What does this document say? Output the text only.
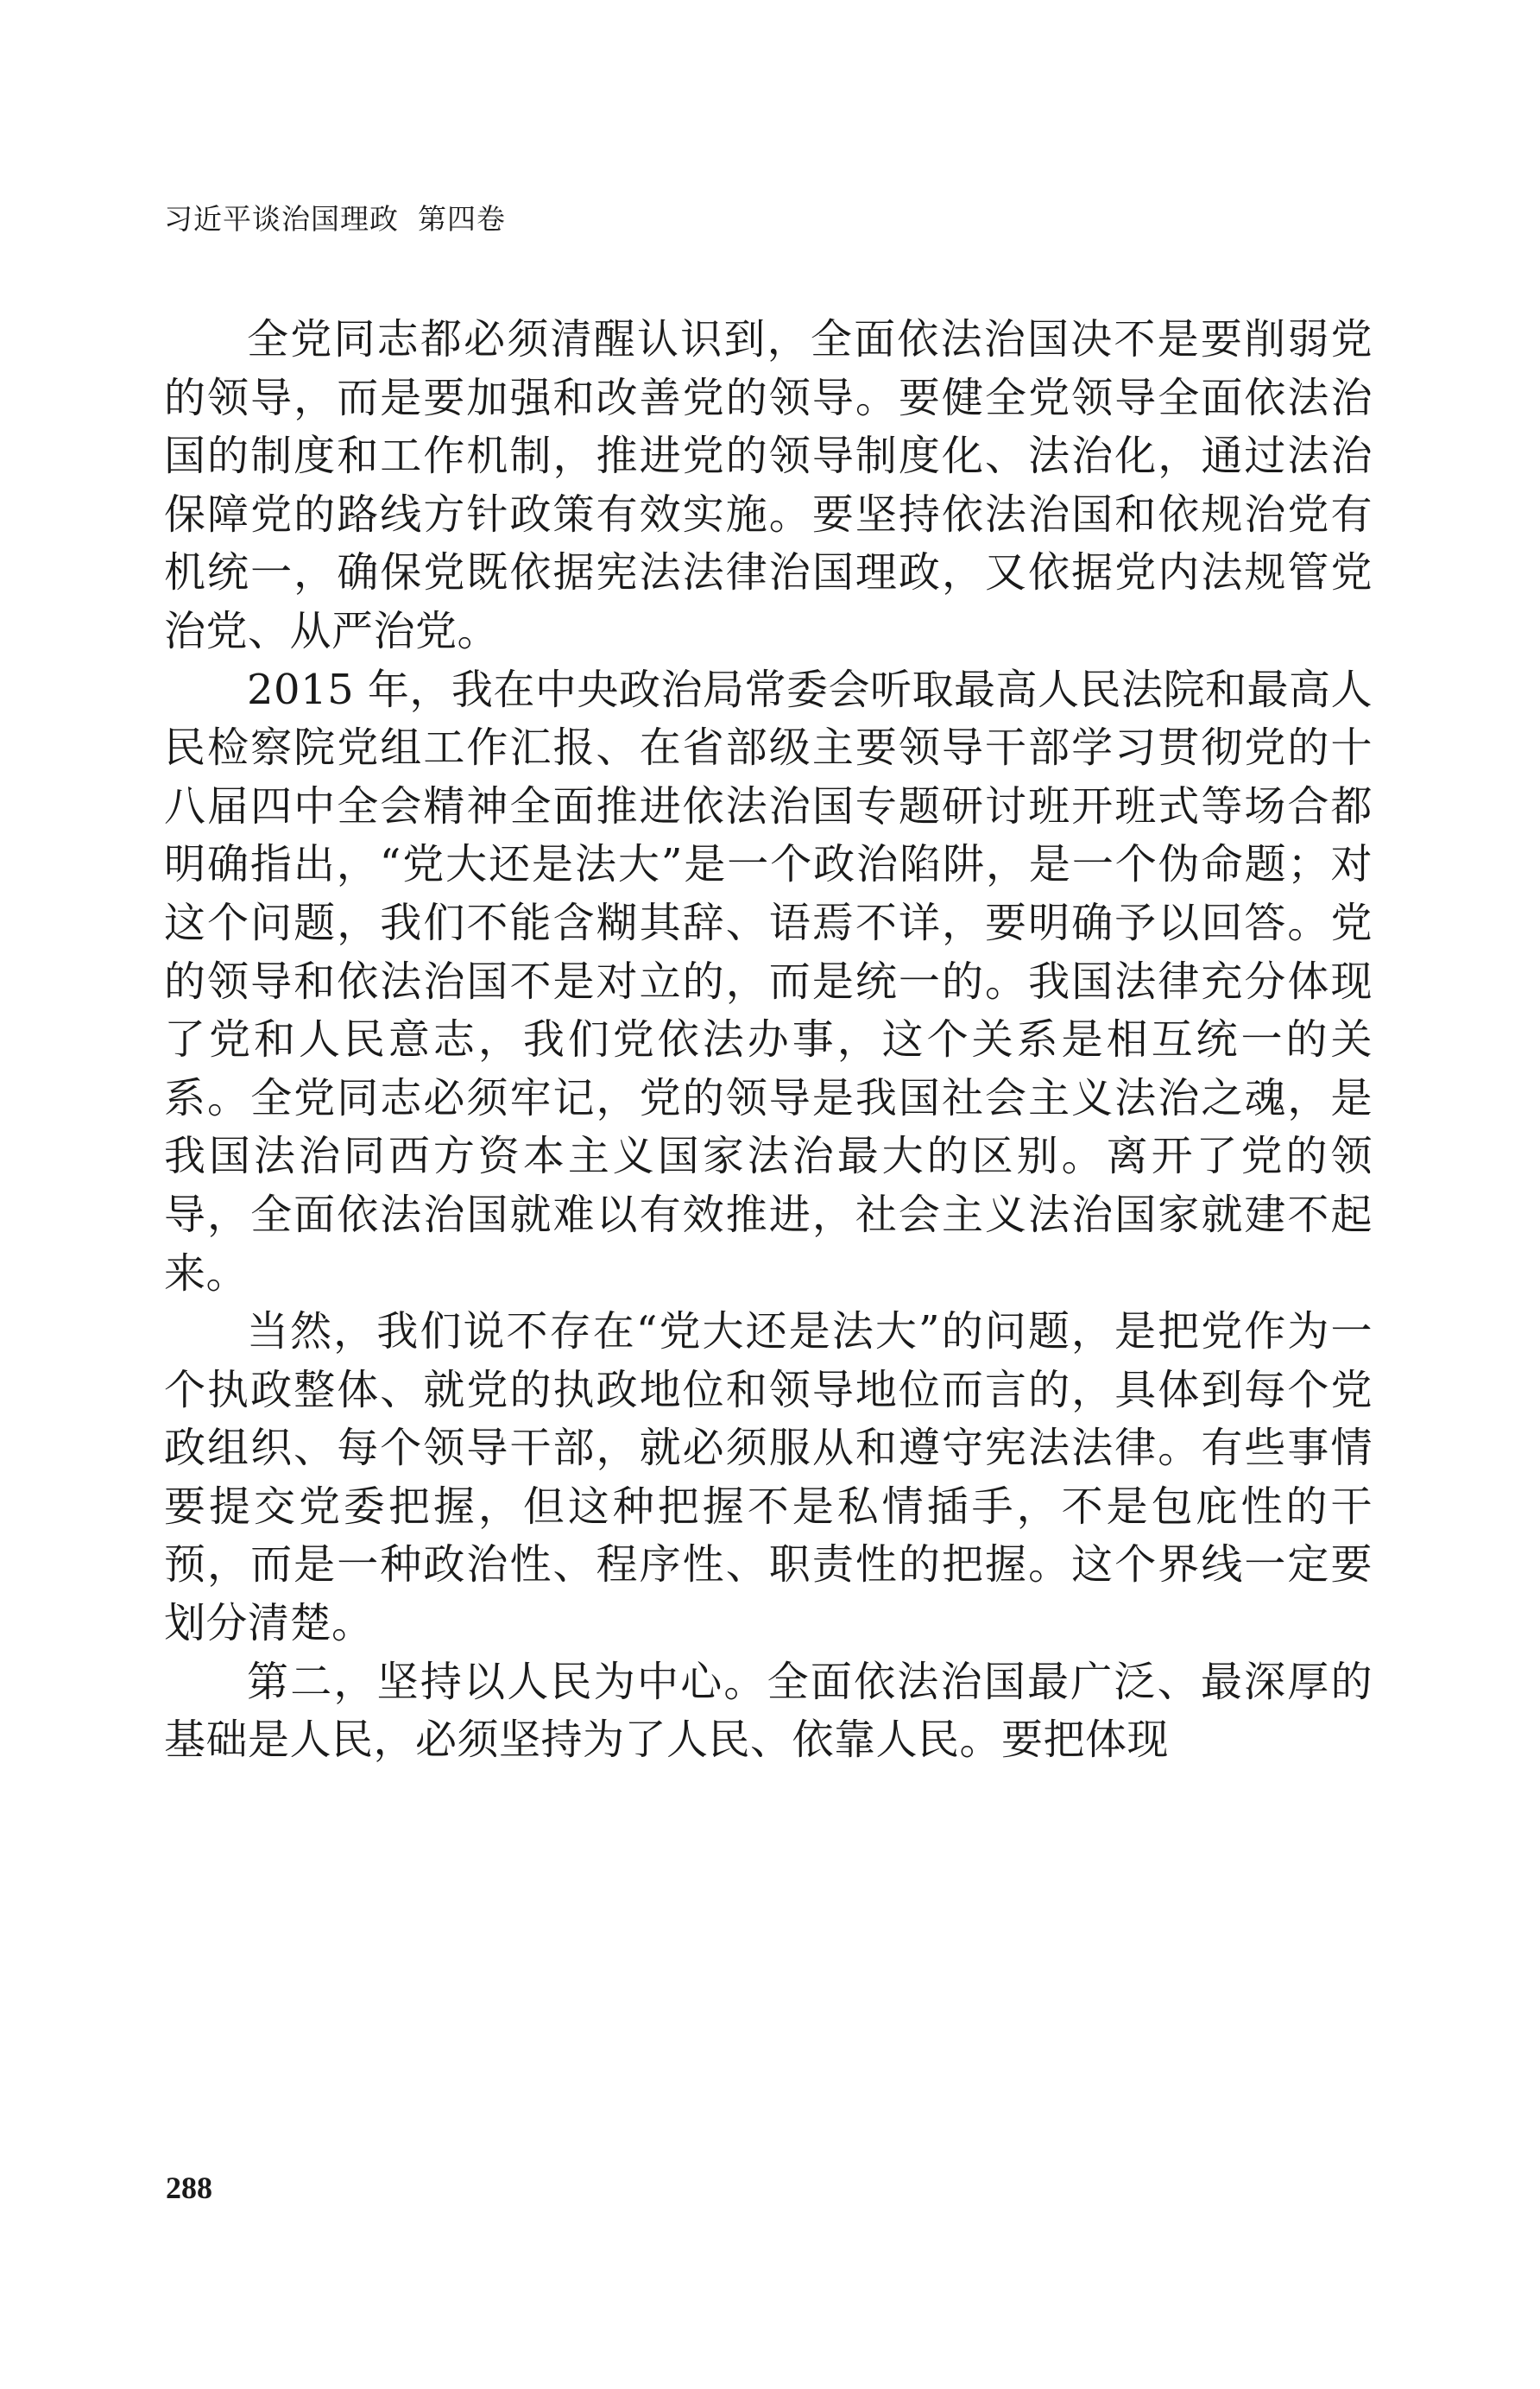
习近平谈治国理政 第四卷

全党同志都必须清醒认识到，全面依法治国决不是要削弱党的领导，而是要加强和改善党的领导。要健全党领导全面依法治国的制度和工作机制，推进党的领导制度化、法治化，通过法治保障党的路线方针政策有效实施。要坚持依法治国和依规治党有机统一，确保党既依据宪法法律治国理政，又依据党内法规管党治党、从严治党。

2015 年，我在中央政治局常委会听取最高人民法院和最高人民检察院党组工作汇报、在省部级主要领导干部学习贯彻党的十八届四中全会精神全面推进依法治国专题研讨班开班式等场合都明确指出，“党大还是法大”是一个政治陷阱，是一个伪命题；对这个问题，我们不能含糊其辞、语焉不详，要明确予以回答。党的领导和依法治国不是对立的，而是统一的。我国法律充分体现了党和人民意志，我们党依法办事，这个关系是相互统一的关系。全党同志必须牢记，党的领导是我国社会主义法治之魂，是我国法治同西方资本主义国家法治最大的区别。离开了党的领导，全面依法治国就难以有效推进，社会主义法治国家就建不起来。

当然，我们说不存在“党大还是法大”的问题，是把党作为一个执政整体、就党的执政地位和领导地位而言的，具体到每个党政组织、每个领导干部，就必须服从和遵守宪法法律。有些事情要提交党委把握，但这种把握不是私情插手，不是包庇性的干预，而是一种政治性、程序性、职责性的把握。这个界线一定要划分清楚。

第二，坚持以人民为中心。全面依法治国最广泛、最深厚的基础是人民，必须坚持为了人民、依靠人民。要把体现

288
